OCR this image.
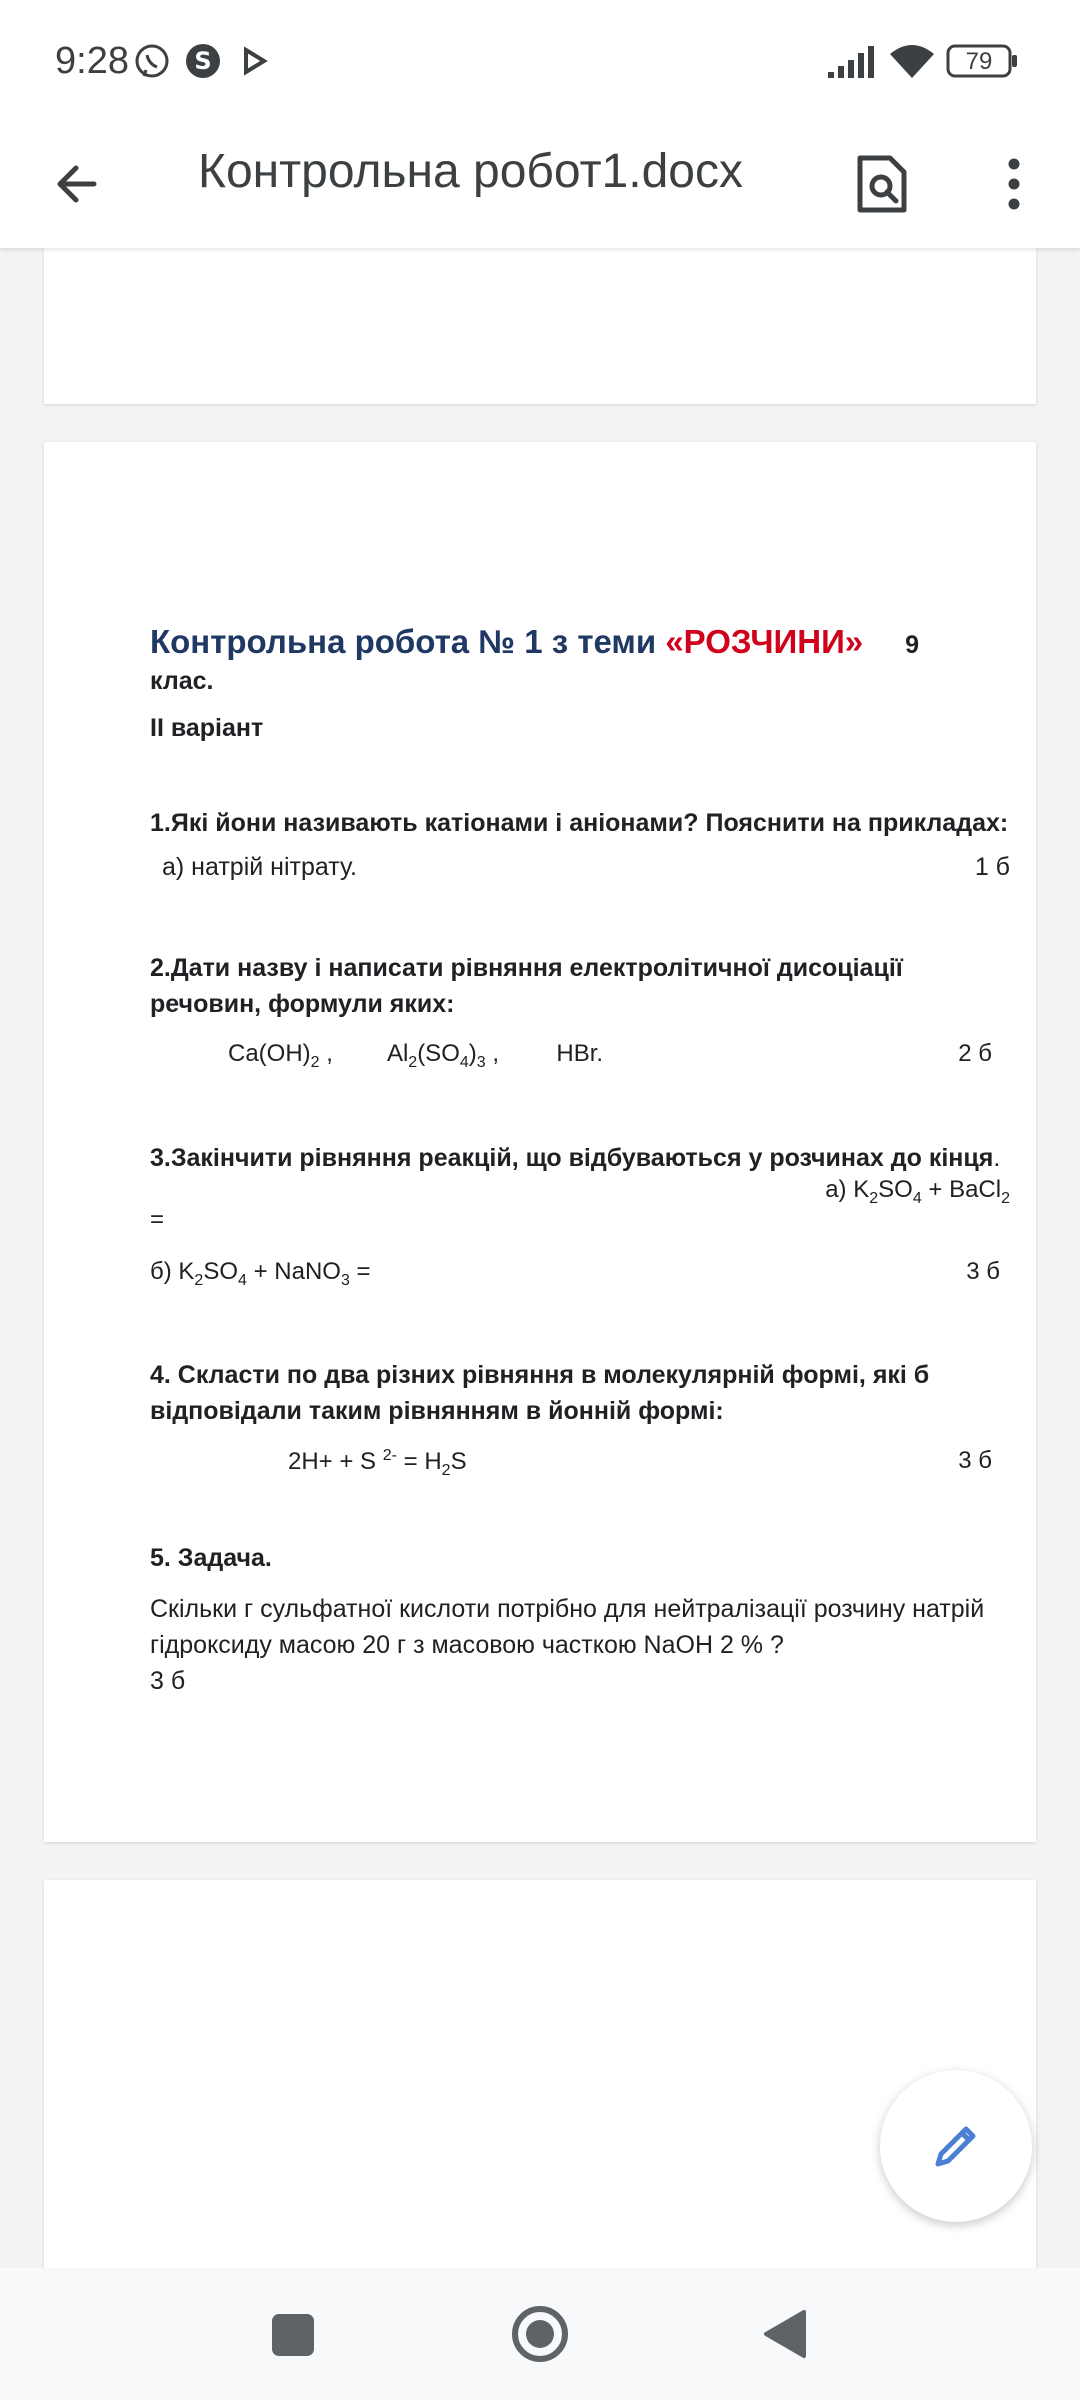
9:28	S	79
Контрольна робот1.docx
Контрольна робота № 1 з теми «РОЗЧИНИ» 9

клас.

ІІ варіант

1.Які йони називають катіонами і аніонами? Пояснити на прикладах:

а) натрій нітрату.	1 б

2.Дати назву і написати рівняння електролітичної дисоціації речовин, формули яких:

$Ca(OH)_2$ , $Al_2(SO_4)_3$ , HBr.	2 б

3.Закінчити рівняння реакцій, що відбуваються у розчинах до кінця.

а) $K_2SO_4$ + BaCl$_2$

=

б) $K_2SO_4$ + NaNO$_3$ =	3 б

4. Скласти по два різних рівняння в молекулярній формі, які б відповідали таким рівнянням в йонній формі:

2H+ + S $^{2-} = H_2S$	3 б

5. Задача.

Скільки г сульфатної кислоти потрібно для нейтралізації розчину натрій гідроксиду масою 20 г з масовою часткою NaOH 2 % ?

3 б
